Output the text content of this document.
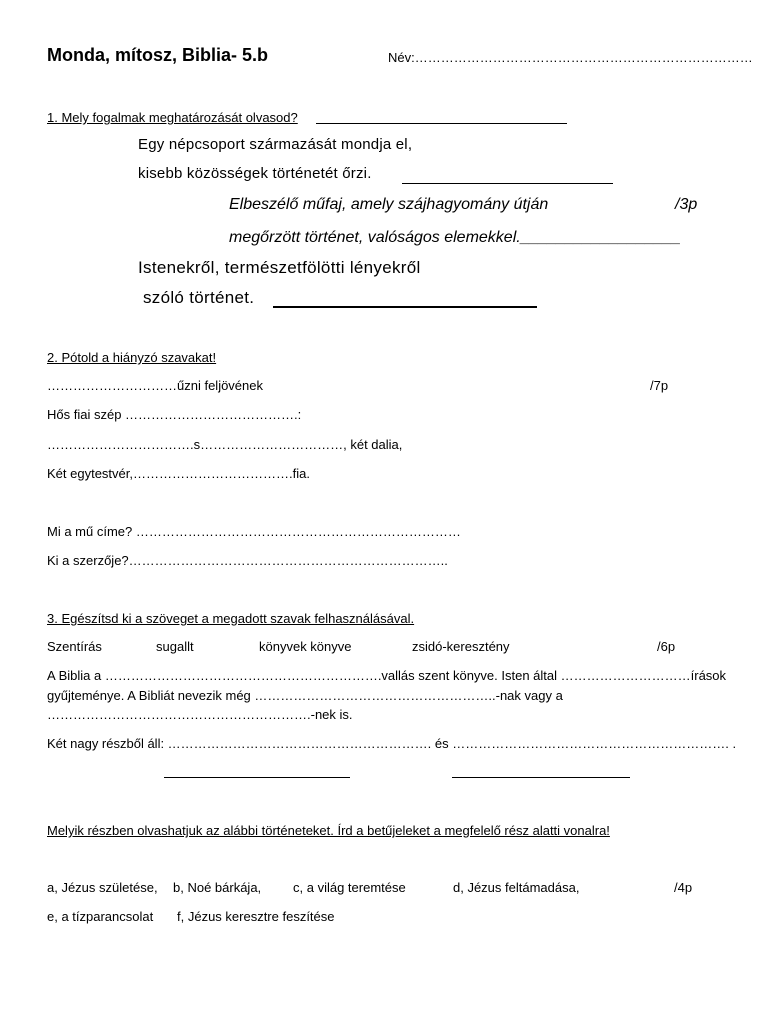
Monda, mítosz, Biblia- 5.b	Név:……………………………………………………………………
1. Mely fogalmak meghatározását olvasod?
Egy népcsoport származását mondja el,
kisebb közösségek történetét őrzi.
Elbeszélő műfaj, amely szájhagyomány útján	/3p
megőrzött történet, valóságos elemekkel.__________________
Istenekről, természetfölötti lényekről
szóló történet.
2. Pótold a hiányzó szavakat!
…………………………űzni feljövének	/7p
Hős fiai szép ………………………………….:
…………………………….s……………………………, két dalia,
Két egytestvér,……………………………….fia.
Mi a mű címe? …………………………………………………………………
Ki a szerzője?………………………………………………………………..
3. Egészítsd ki a szöveget a megadott szavak felhasználásával.
Szentírás	sugallt	könyvek könyve	zsidó-keresztény	/6p
A Biblia a ……………………………………………………….vallás szent könyve. Isten által …………………………írások
gyűjteménye. A Bibliát nevezik még ………………………………………………..-nak vagy a
…………………………………………………….-nek is.
Két nagy részből áll: ……………………………………………………. és ………………………………………………………. .
Melyik részben olvashatjuk az alábbi történeteket. Írd a betűjeleket a megfelelő rész alatti vonalra!
a, Jézus születése, b, Noé bárkája, c, a világ teremtése	d, Jézus feltámadása,	/4p
e, a tízparancsolat f, Jézus keresztre feszítése
